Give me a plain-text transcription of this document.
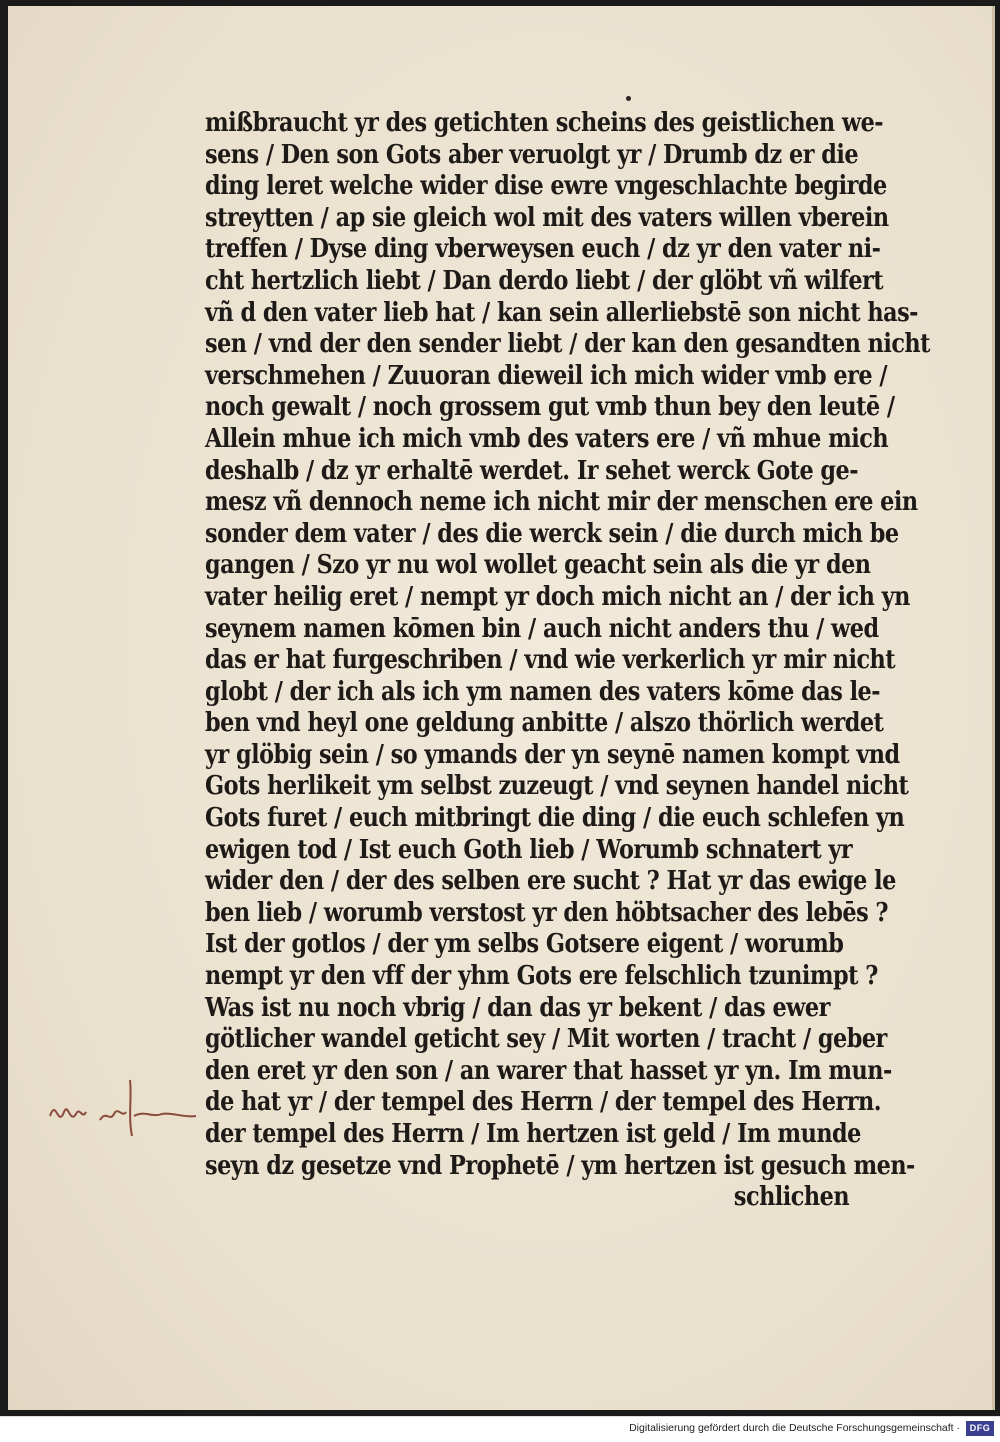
mißbraucht yr des getichten scheins des geistlichen we-
sens / Den son Gots aber veruolgt yr / Drumb dz er die
ding leret welche wider dise ewre vngeschlachte begirde
streytten / ap sie gleich wol mit des vaters willen vberein
treffen / Dyse ding vberweysen euch / dz yr den vater ni-
cht hertzlich liebt / Dan derdo liebt / der glöbt vñ wilfert
vñ d den vater lieb hat / kan sein allerliebstē son nicht has-
sen / vnd der den sender liebt / der kan den gesandten nicht
verschmehen / Zuuoran dieweil ich mich wider vmb ere /
noch gewalt / noch grossem gut vmb thun bey den leutē /
Allein mhue ich mich vmb des vaters ere / vñ mhue mich
deshalb / dz yr erhaltē werdet. Ir sehet werck Gote ge-
mesz vñ dennoch neme ich nicht mir der menschen ere ein
sonder dem vater / des die werck sein / die durch mich be
gangen / Szo yr nu wol wollet geacht sein als die yr den
vater heilig eret / nempt yr doch mich nicht an / der ich yn
seynem namen kōmen bin / auch nicht anders thu / wed
das er hat furgeschriben / vnd wie verkerlich yr mir nicht
globt / der ich als ich ym namen des vaters kōme das le-
ben vnd heyl one geldung anbitte / alszo thörlich werdet
yr glöbig sein / so ymands der yn seynē namen kompt vnd
Gots herlikeit ym selbst zuzeugt / vnd seynen handel nicht
Gots furet / euch mitbringt die ding / die euch schlefen yn
ewigen tod / Ist euch Goth lieb / Worumb schnatert yr
wider den / der des selben ere sucht ? Hat yr das ewige le
ben lieb / worumb verstost yr den höbtsacher des lebēs ?
Ist der gotlos / der ym selbs Gotsere eigent / worumb
nempt yr den vff der yhm Gots ere felschlich tzunimpt ?
Was ist nu noch vbrig / dan das yr bekent / das ewer
götlicher wandel geticht sey / Mit worten / tracht / geber
den eret yr den son / an warer that hasset yr yn. Im mun-
de hat yr / der tempel des Herrn / der tempel des Herrn.
der tempel des Herrn / Im hertzen ist geld / Im munde
seyn dz gesetze vnd Prophetē / ym hertzen ist gesuch men-
schlichen
Digitalisierung gefördert durch die Deutsche Forschungsgemeinschaft ·	DFG
